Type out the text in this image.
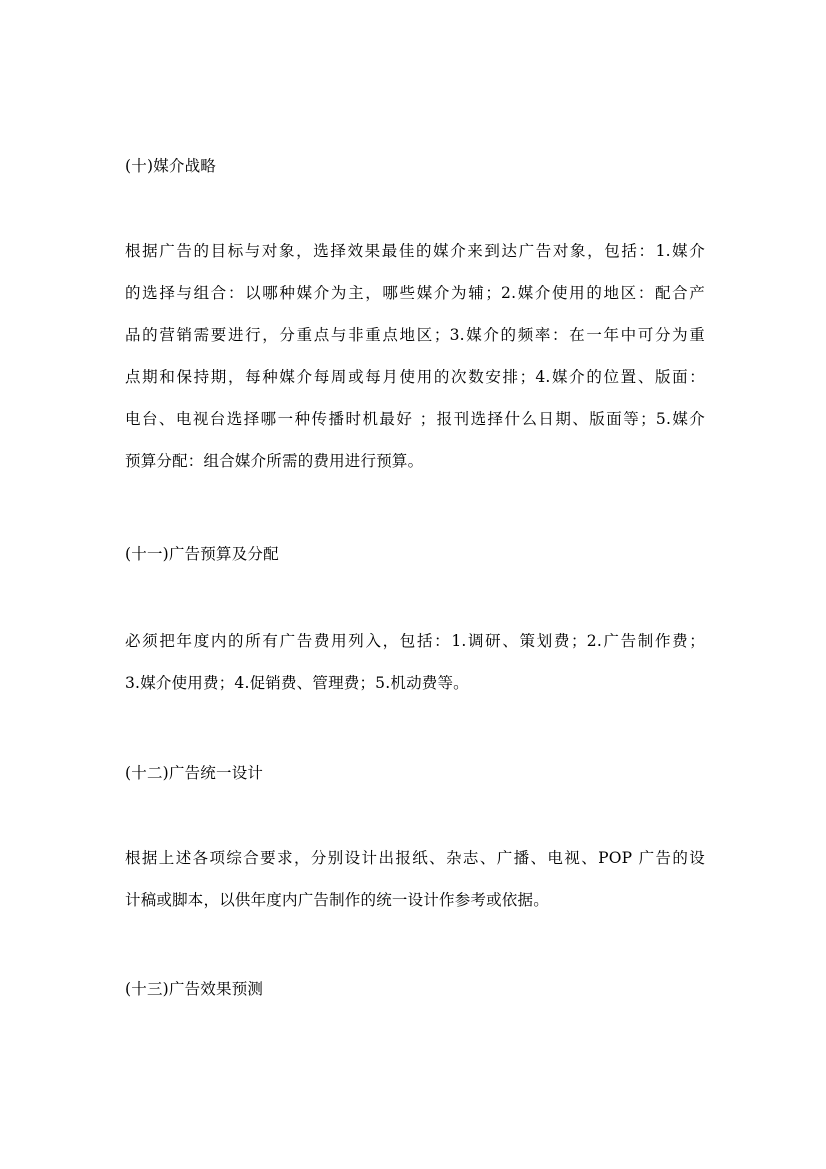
(十)媒介战略

根据广告的目标与对象，选择效果最佳的媒介来到达广告对象，包括：1.媒介
的选择与组合：以哪种媒介为主，哪些媒介为辅；2.媒介使用的地区：配合产
品的营销需要进行，分重点与非重点地区；3.媒介的频率：在一年中可分为重
点期和保持期，每种媒介每周或每月使用的次数安排；4.媒介的位置、版面：
电台、电视台选择哪一种传播时机最好 ；报刊选择什么日期、版面等；5.媒介
预算分配：组合媒介所需的费用进行预算。

(十一)广告预算及分配

必须把年度内的所有广告费用列入，包括：1.调研、策划费；2.广告制作费；
3.媒介使用费；4.促销费、管理费；5.机动费等。

(十二)广告统一设计

根据上述各项综合要求，分别设计出报纸、杂志、广播、电视、POP 广告的设
计稿或脚本，以供年度内广告制作的统一设计作参考或依据。

(十三)广告效果预测
